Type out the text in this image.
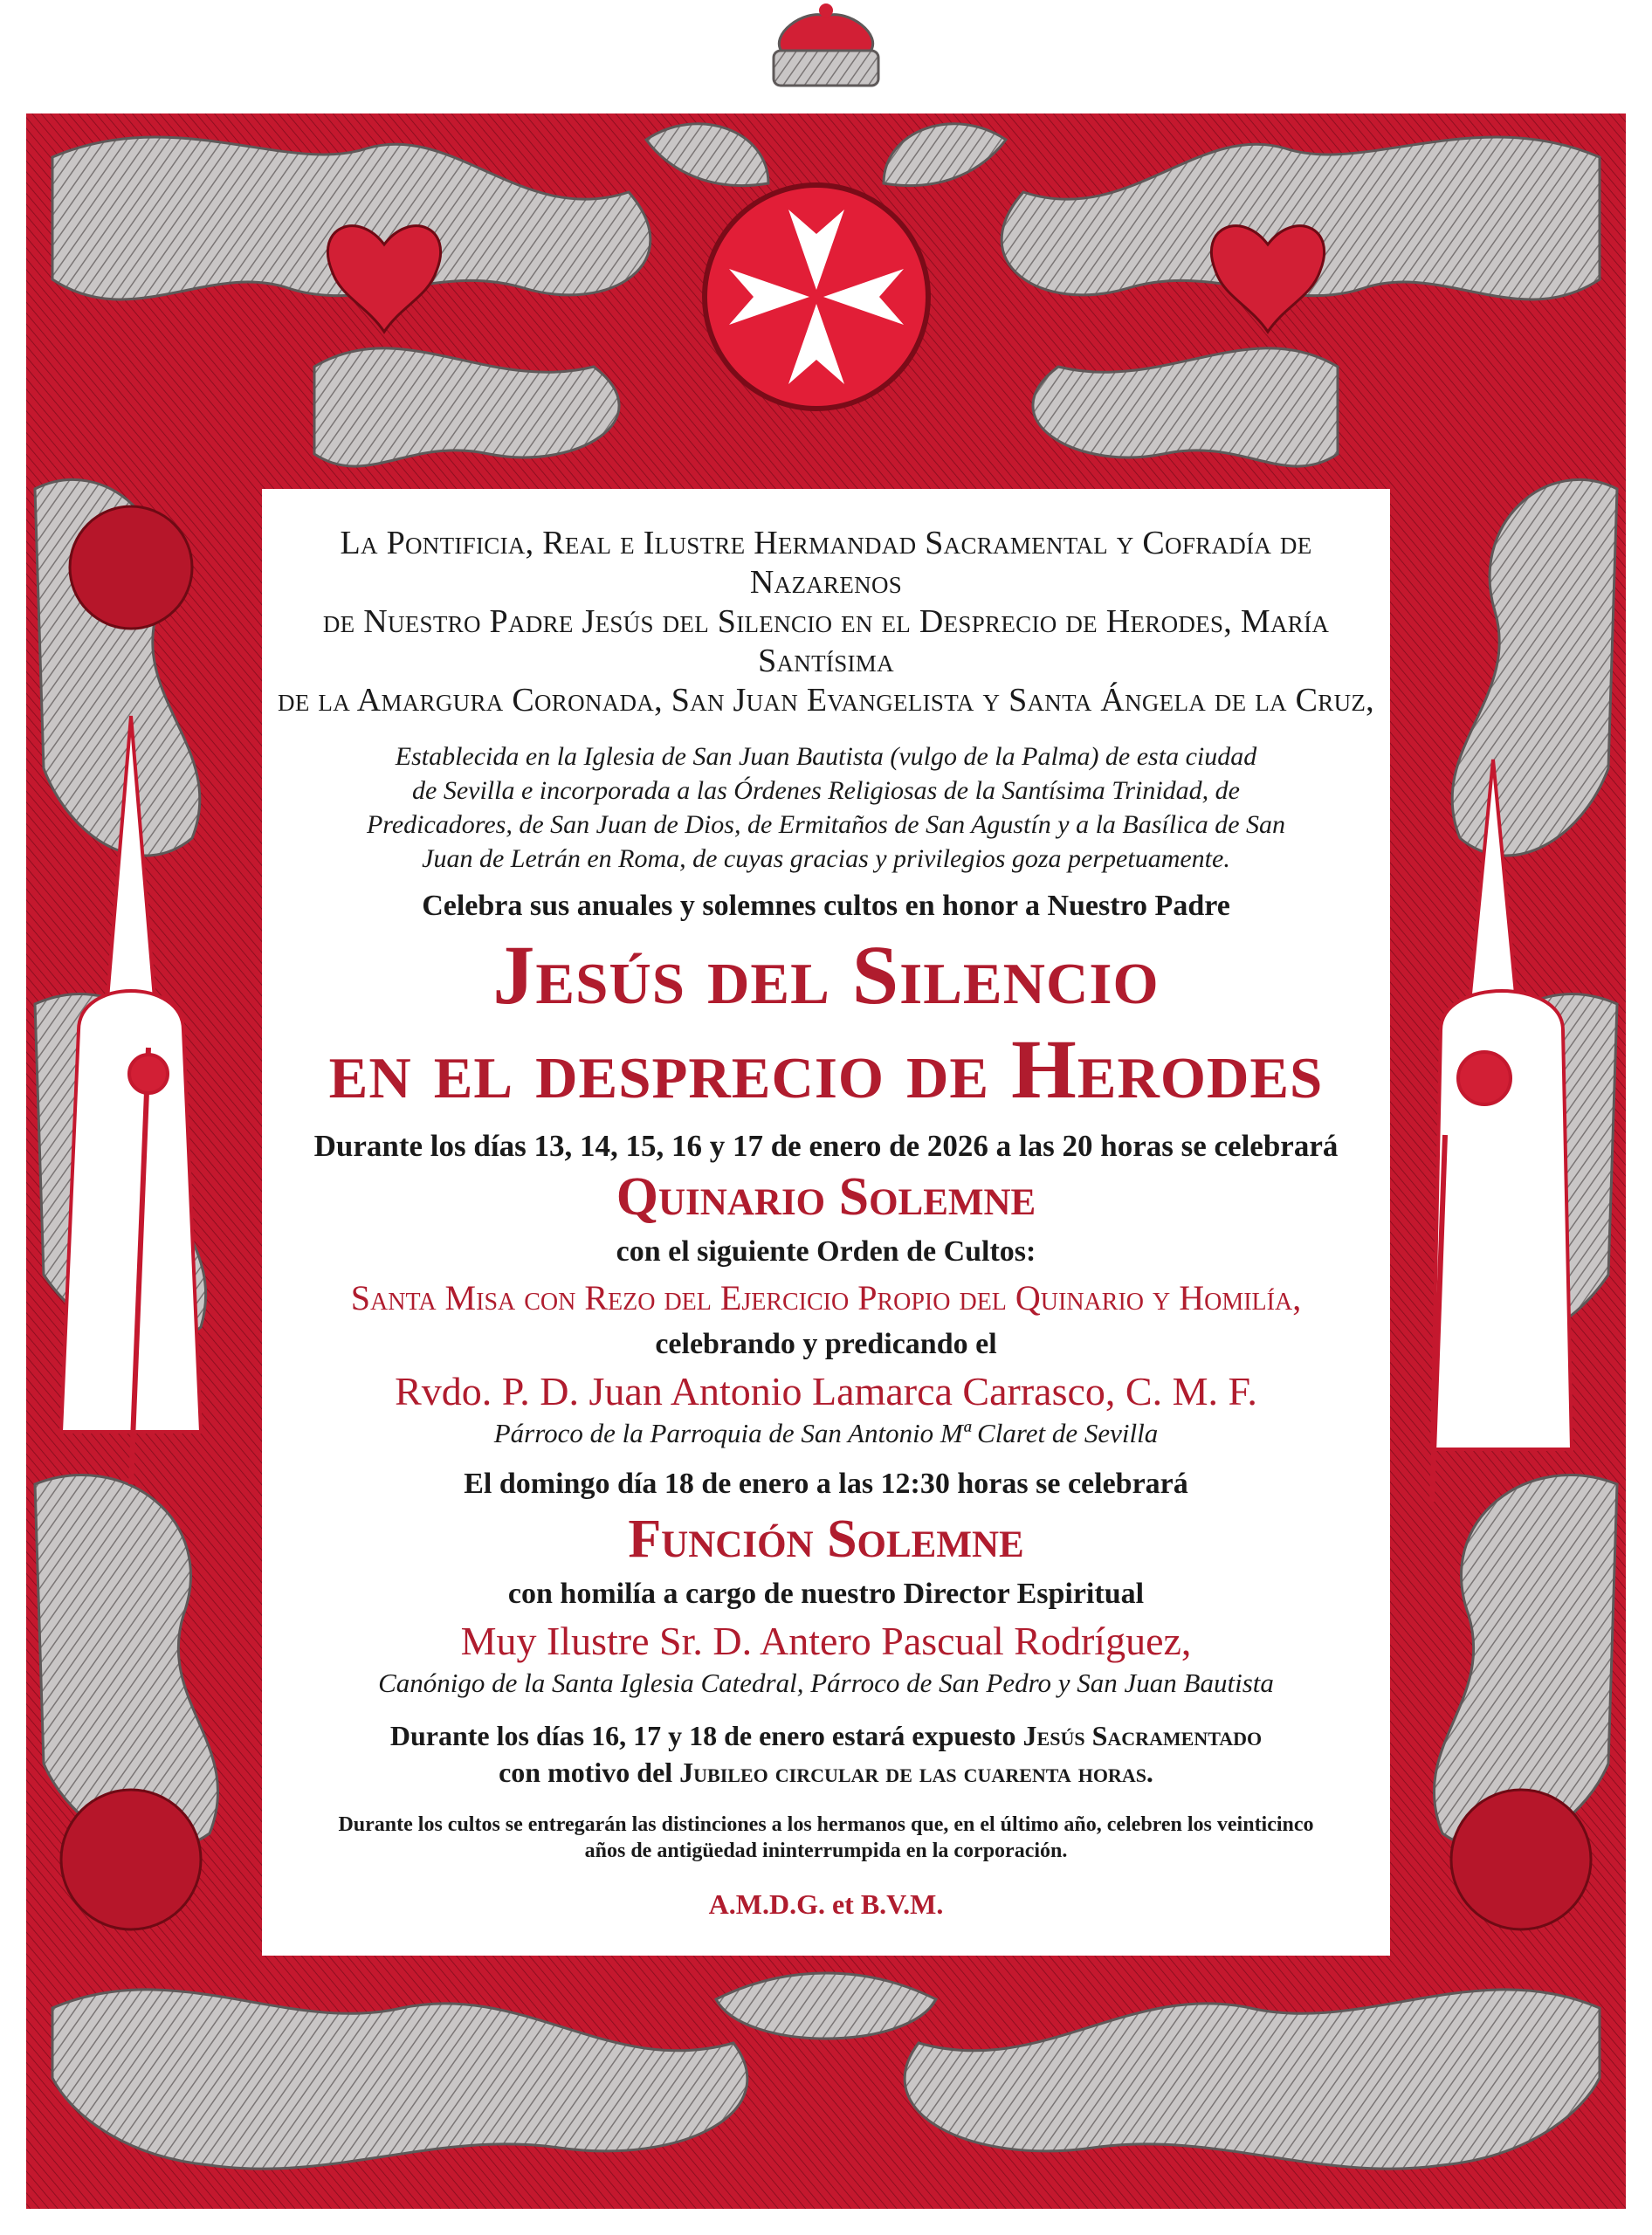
La Pontificia, Real e Ilustre Hermandad Sacramental y Cofradía de Nazarenos

de Nuestro Padre Jesús del Silencio en el Desprecio de Herodes, María Santísima

de la Amargura Coronada, San Juan Evangelista y Santa Ángela de la Cruz,

Establecida en la Iglesia de San Juan Bautista (vulgo de la Palma) de esta ciudad

de Sevilla e incorporada a las Órdenes Religiosas de la Santísima Trinidad, de

Predicadores, de San Juan de Dios, de Ermitaños de San Agustín y a la Basílica de San

Juan de Letrán en Roma, de cuyas gracias y privilegios goza perpetuamente.

Celebra sus anuales y solemnes cultos en honor a Nuestro Padre

Jesús del Silencio

en el desprecio de Herodes

Durante los días 13, 14, 15, 16 y 17 de enero de 2026 a las 20 horas se celebrará

Quinario Solemne

con el siguiente Orden de Cultos:

Santa Misa con Rezo del Ejercicio Propio del Quinario y Homilía,

celebrando y predicando el

Rvdo. P. D. Juan Antonio Lamarca Carrasco, C. M. F.

Párroco de la Parroquia de San Antonio Mª Claret de Sevilla

El domingo día 18 de enero a las 12:30 horas se celebrará

Función Solemne

con homilía a cargo de nuestro Director Espiritual

Muy Ilustre Sr. D. Antero Pascual Rodríguez,

Canónigo de la Santa Iglesia Catedral, Párroco de San Pedro y San Juan Bautista

Durante los días 16, 17 y 18 de enero estará expuesto Jesús Sacramentado

con motivo del Jubileo circular de las cuarenta horas.

Durante los cultos se entregarán las distinciones a los hermanos que, en el último año, celebren los veinticinco
años de antigüedad ininterrumpida en la corporación.

A.M.D.G. et B.V.M.
